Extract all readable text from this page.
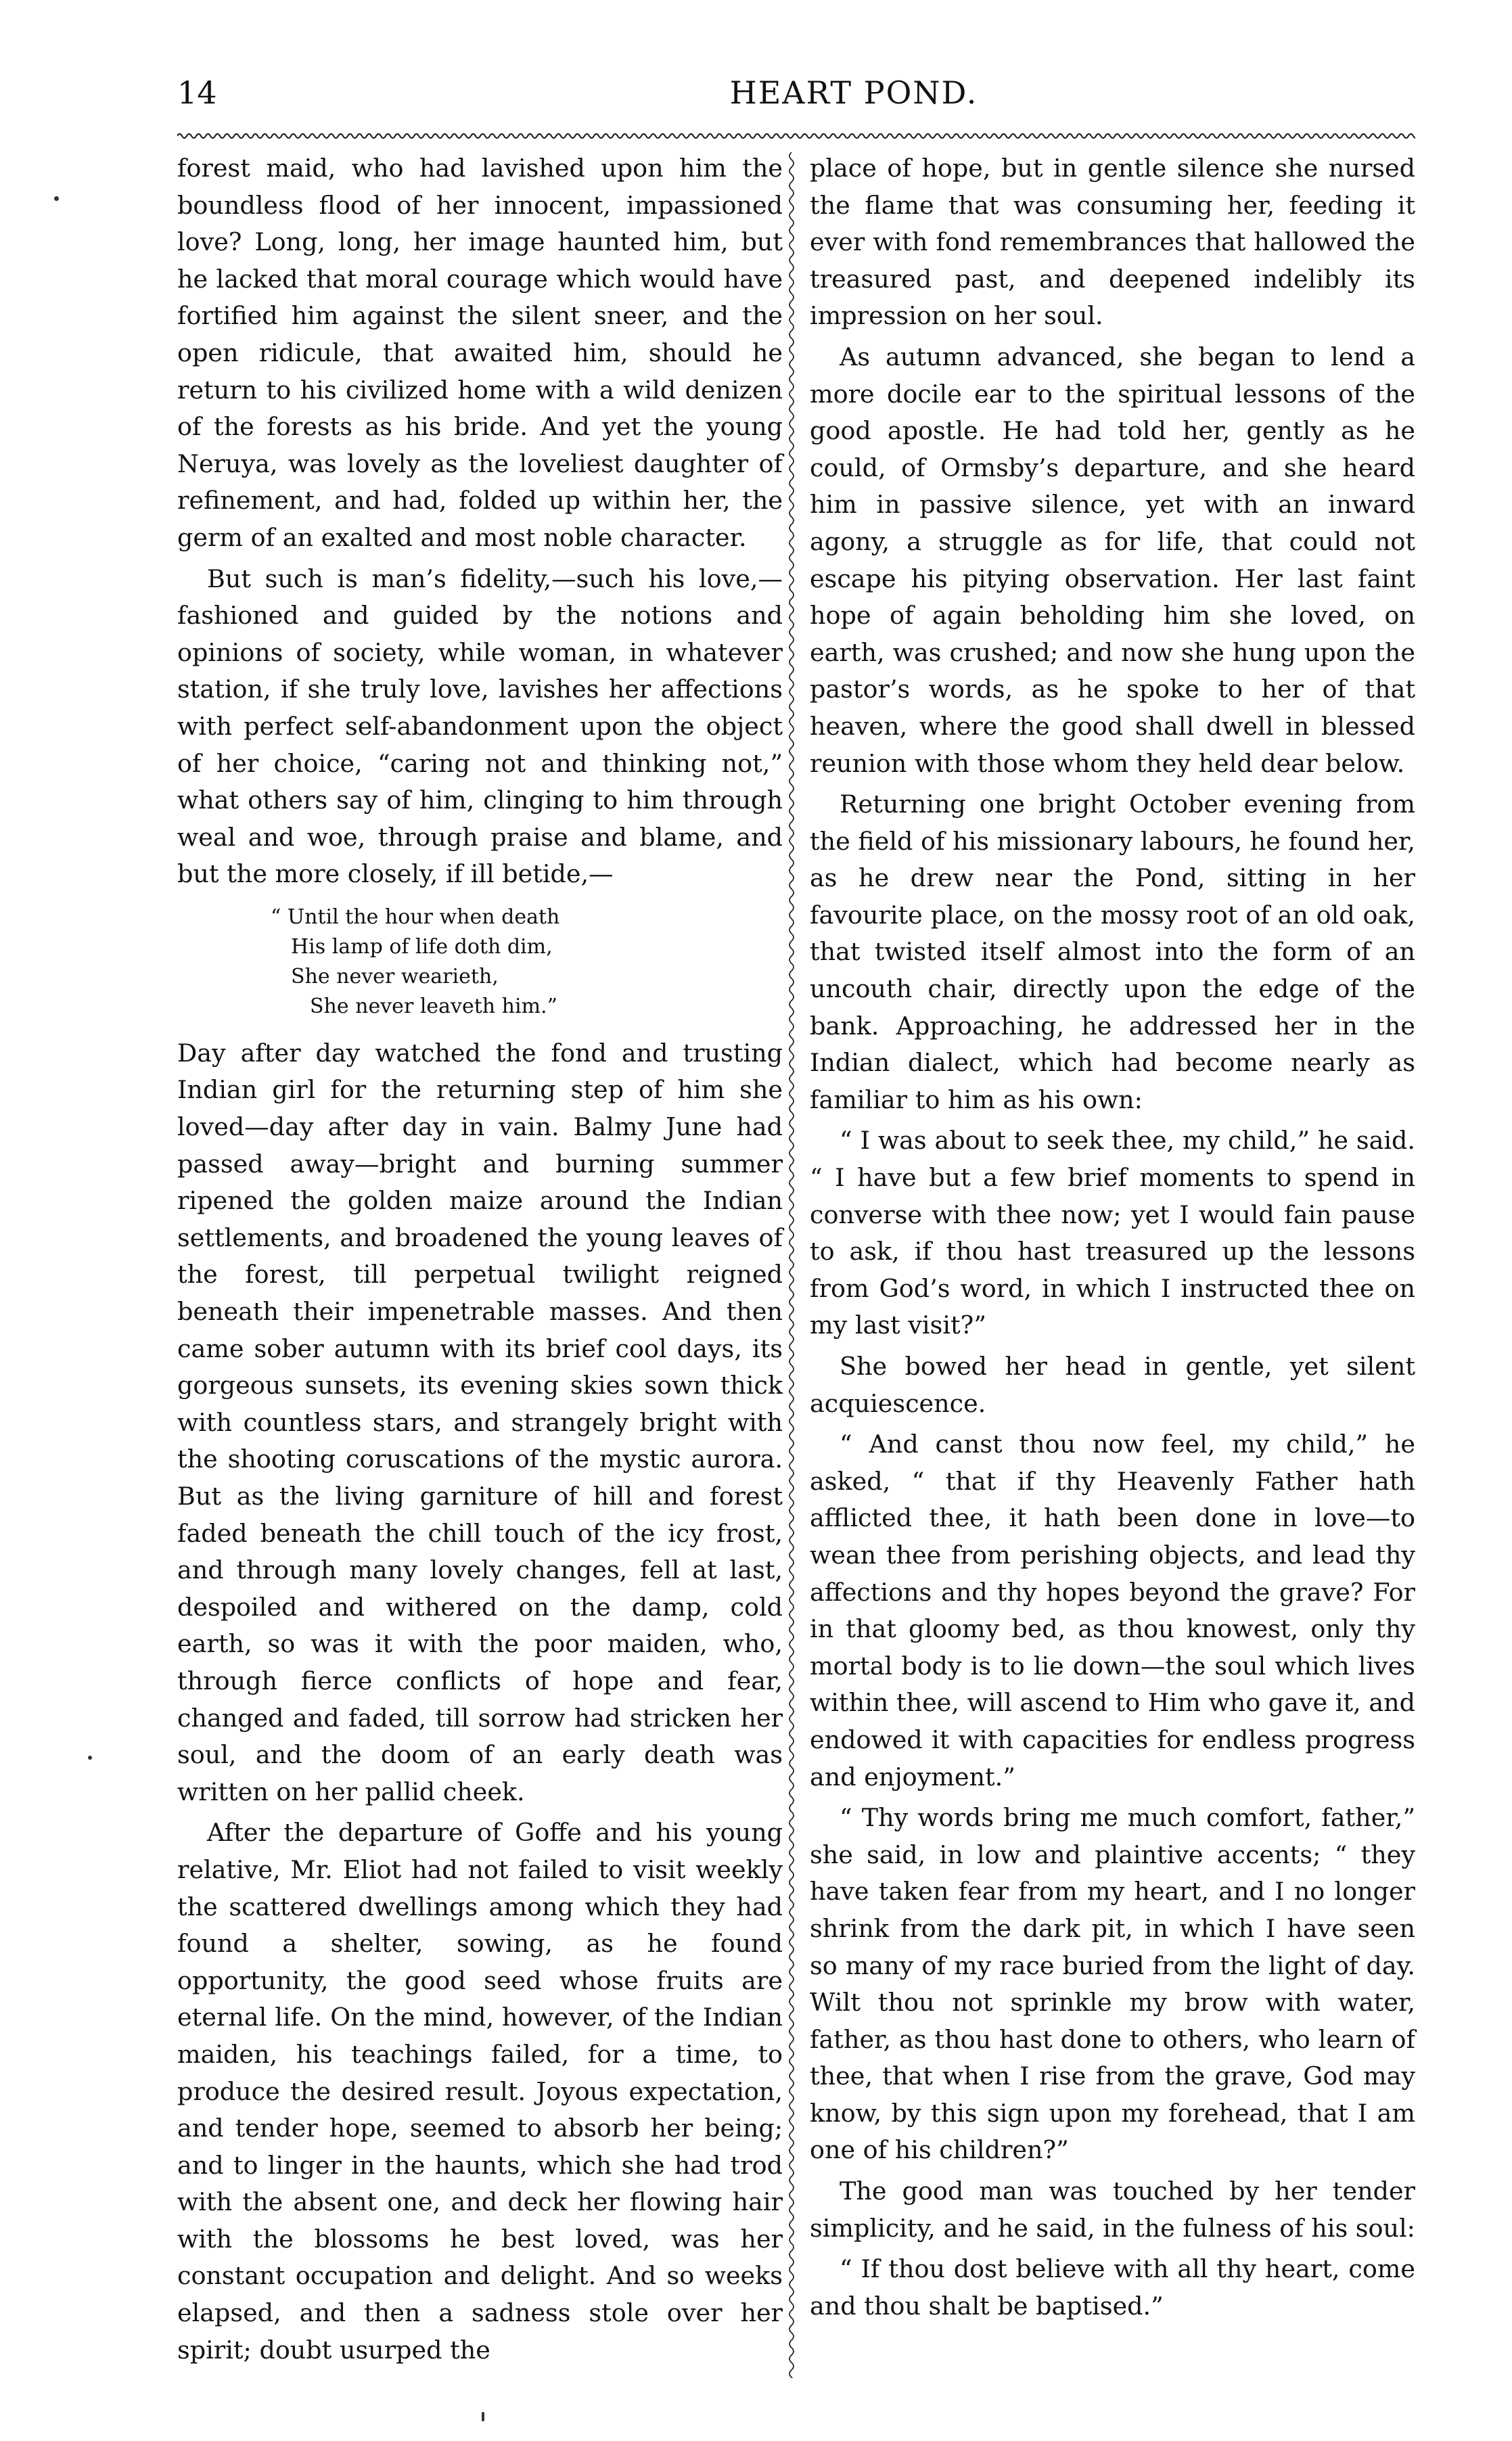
14	HEART POND.

forest maid, who had lavished upon him the boundless flood of her innocent, impassioned love? Long, long, her image haunted him, but he lacked that moral courage which would have fortified him against the silent sneer, and the open ridicule, that awaited him, should he return to his civilized home with a wild denizen of the forests as his bride. And yet the young Neruya, was lovely as the loveliest daughter of refinement, and had, folded up within her, the germ of an exalted and most noble character.

But such is man’s fidelity,—such his love,—fashioned and guided by the notions and opinions of society, while woman, in whatever station, if she truly love, lavishes her affections with perfect self-abandonment upon the object of her choice, “caring not and thinking not,” what others say of him, clinging to him through weal and woe, through praise and blame, and but the more closely, if ill betide,—

“ Until the hour when death
His lamp of life doth dim,
She never wearieth,
She never leaveth him.”

Day after day watched the fond and trusting Indian girl for the returning step of him she loved—day after day in vain. Balmy June had passed away—bright and burning summer ripened the golden maize around the Indian settlements, and broadened the young leaves of the forest, till perpetual twilight reigned beneath their impenetrable masses. And then came sober autumn with its brief cool days, its gorgeous sunsets, its evening skies sown thick with countless stars, and strangely bright with the shooting coruscations of the mystic aurora. But as the living garniture of hill and forest faded beneath the chill touch of the icy frost, and through many lovely changes, fell at last, despoiled and withered on the damp, cold earth, so was it with the poor maiden, who, through fierce conflicts of hope and fear, changed and faded, till sorrow had stricken her soul, and the doom of an early death was written on her pallid cheek.

After the departure of Goffe and his young relative, Mr. Eliot had not failed to visit weekly the scattered dwellings among which they had found a shelter, sowing, as he found opportunity, the good seed whose fruits are eternal life. On the mind, however, of the Indian maiden, his teachings failed, for a time, to produce the desired result. Joyous expectation, and tender hope, seemed to absorb her being; and to linger in the haunts, which she had trod with the absent one, and deck her flowing hair with the blossoms he best loved, was her constant occupation and delight. And so weeks elapsed, and then a sadness stole over her spirit; doubt usurped the

place of hope, but in gentle silence she nursed the flame that was consuming her, feeding it ever with fond remembrances that hallowed the treasured past, and deepened indelibly its impression on her soul.

As autumn advanced, she began to lend a more docile ear to the spiritual lessons of the good apostle. He had told her, gently as he could, of Ormsby’s departure, and she heard him in passive silence, yet with an inward agony, a struggle as for life, that could not escape his pitying observation. Her last faint hope of again beholding him she loved, on earth, was crushed; and now she hung upon the pastor’s words, as he spoke to her of that heaven, where the good shall dwell in blessed reunion with those whom they held dear below.

Returning one bright October evening from the field of his missionary labours, he found her, as he drew near the Pond, sitting in her favourite place, on the mossy root of an old oak, that twisted itself almost into the form of an uncouth chair, directly upon the edge of the bank. Approaching, he addressed her in the Indian dialect, which had become nearly as familiar to him as his own:

“ I was about to seek thee, my child,” he said. “ I have but a few brief moments to spend in converse with thee now; yet I would fain pause to ask, if thou hast treasured up the lessons from God’s word, in which I instructed thee on my last visit?”

She bowed her head in gentle, yet silent acquiescence.

“ And canst thou now feel, my child,” he asked, “ that if thy Heavenly Father hath afflicted thee, it hath been done in love—to wean thee from perishing objects, and lead thy affections and thy hopes beyond the grave? For in that gloomy bed, as thou knowest, only thy mortal body is to lie down—the soul which lives within thee, will ascend to Him who gave it, and endowed it with capacities for endless progress and enjoyment.”

“ Thy words bring me much comfort, father,” she said, in low and plaintive accents; “ they have taken fear from my heart, and I no longer shrink from the dark pit, in which I have seen so many of my race buried from the light of day. Wilt thou not sprinkle my brow with water, father, as thou hast done to others, who learn of thee, that when I rise from the grave, God may know, by this sign upon my forehead, that I am one of his children?”

The good man was touched by her tender simplicity, and he said, in the fulness of his soul:

“ If thou dost believe with all thy heart, come and thou shalt be baptised.”
